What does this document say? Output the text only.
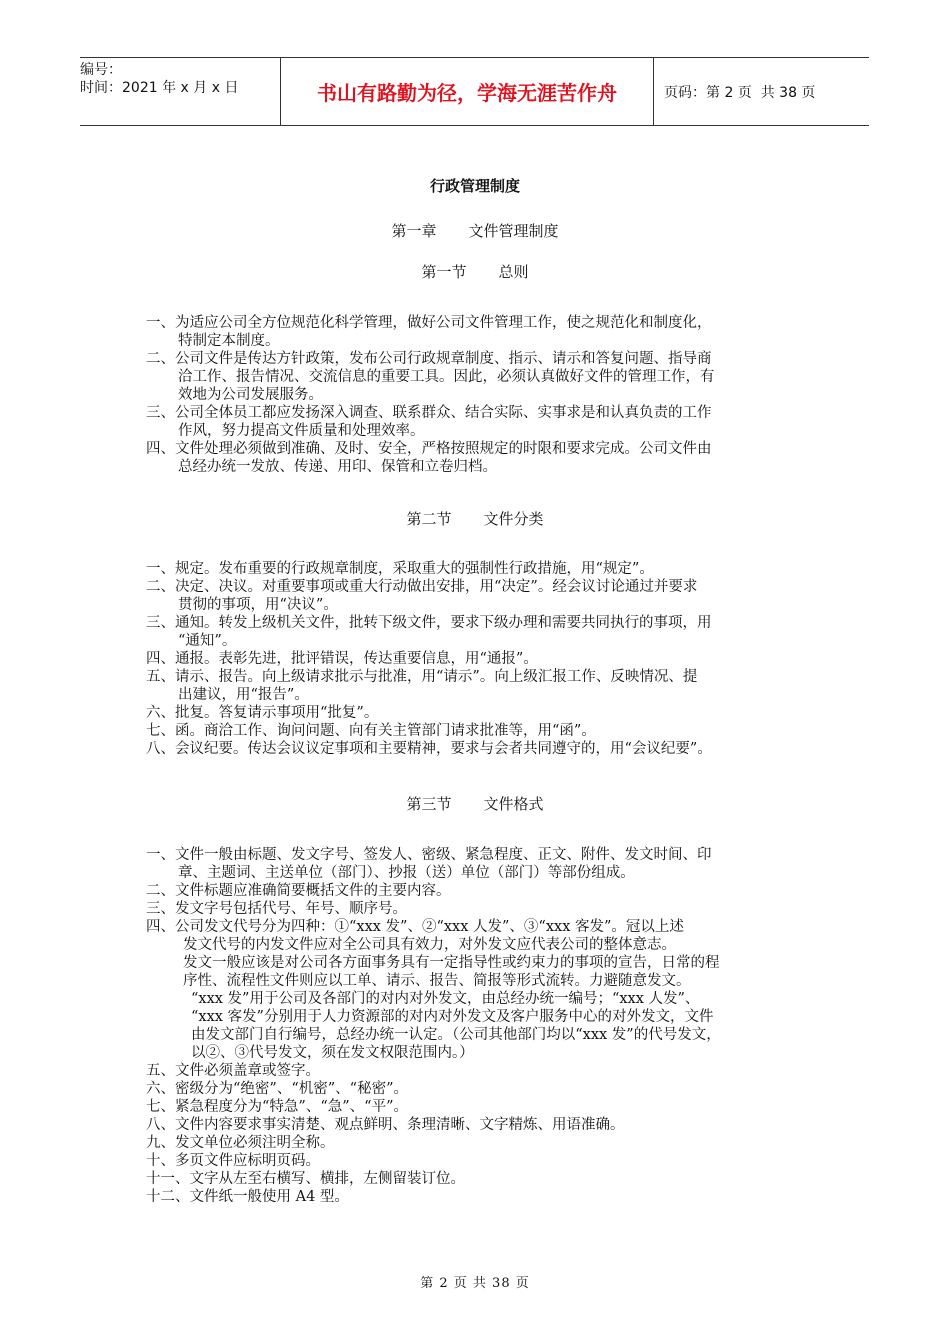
编号：
时间：2021 年 x 月 x 日	书山有路勤为径，学海无涯苦作舟	页码：第 2 页  共 38 页
行政管理制度
第一章 文件管理制度
第一节 总则
一、为适应公司全方位规范化科学管理，做好公司文件管理工作，使之规范化和制度化，
特制定本制度。
二、公司文件是传达方针政策，发布公司行政规章制度、指示、请示和答复问题、指导商
洽工作、报告情况、交流信息的重要工具。因此，必须认真做好文件的管理工作，有
效地为公司发展服务。
三、公司全体员工都应发扬深入调查、联系群众、结合实际、实事求是和认真负责的工作
作风，努力提高文件质量和处理效率。
四、文件处理必须做到准确、及时、安全，严格按照规定的时限和要求完成。公司文件由
总经办统一发放、传递、用印、保管和立卷归档。
第二节 文件分类
一、规定。发布重要的行政规章制度，采取重大的强制性行政措施，用“规定”。
二、决定、决议。对重要事项或重大行动做出安排，用“决定”。经会议讨论通过并要求
贯彻的事项，用“决议”。
三、通知。转发上级机关文件，批转下级文件，要求下级办理和需要共同执行的事项，用
“通知”。
四、通报。表彰先进，批评错误，传达重要信息，用“通报”。
五、请示、报告。向上级请求批示与批准，用“请示”。向上级汇报工作、反映情况、提
出建议，用“报告”。
六、批复。答复请示事项用“批复”。
七、函。商洽工作、询问问题、向有关主管部门请求批准等，用“函”。
八、会议纪要。传达会议议定事项和主要精神，要求与会者共同遵守的，用“会议纪要”。
第三节 文件格式
一、文件一般由标题、发文字号、签发人、密级、紧急程度、正文、附件、发文时间、印
章、主题词、主送单位（部门）、抄报（送）单位（部门）等部份组成。
二、文件标题应准确简要概括文件的主要内容。
三、发文字号包括代号、年号、顺序号。
四、公司发文代号分为四种：①“xxx 发”、②“xxx 人发”、③“xxx 客发”。冠以上述
发文代号的内发文件应对全公司具有效力，对外发文应代表公司的整体意志。
发文一般应该是对公司各方面事务具有一定指导性或约束力的事项的宣告，日常的程
序性、流程性文件则应以工单、请示、报告、简报等形式流转。力避随意发文。
“xxx 发”用于公司及各部门的对内对外发文，由总经办统一编号；“xxx 人发”、
“xxx 客发”分别用于人力资源部的对内对外发文及客户服务中心的对外发文，文件
由发文部门自行编号，总经办统一认定。（公司其他部门均以“xxx 发”的代号发文，
以②、③代号发文，须在发文权限范围内。）
五、文件必须盖章或签字。
六、密级分为“绝密”、“机密”、“秘密”。
七、紧急程度分为“特急”、“急”、“平”。
八、文件内容要求事实清楚、观点鲜明、条理清晰、文字精炼、用语准确。
九、发文单位必须注明全称。
十、多页文件应标明页码。
十一、文字从左至右横写、横排，左侧留装订位。
十二、文件纸一般使用 A4 型。
第 2 页 共 38 页
